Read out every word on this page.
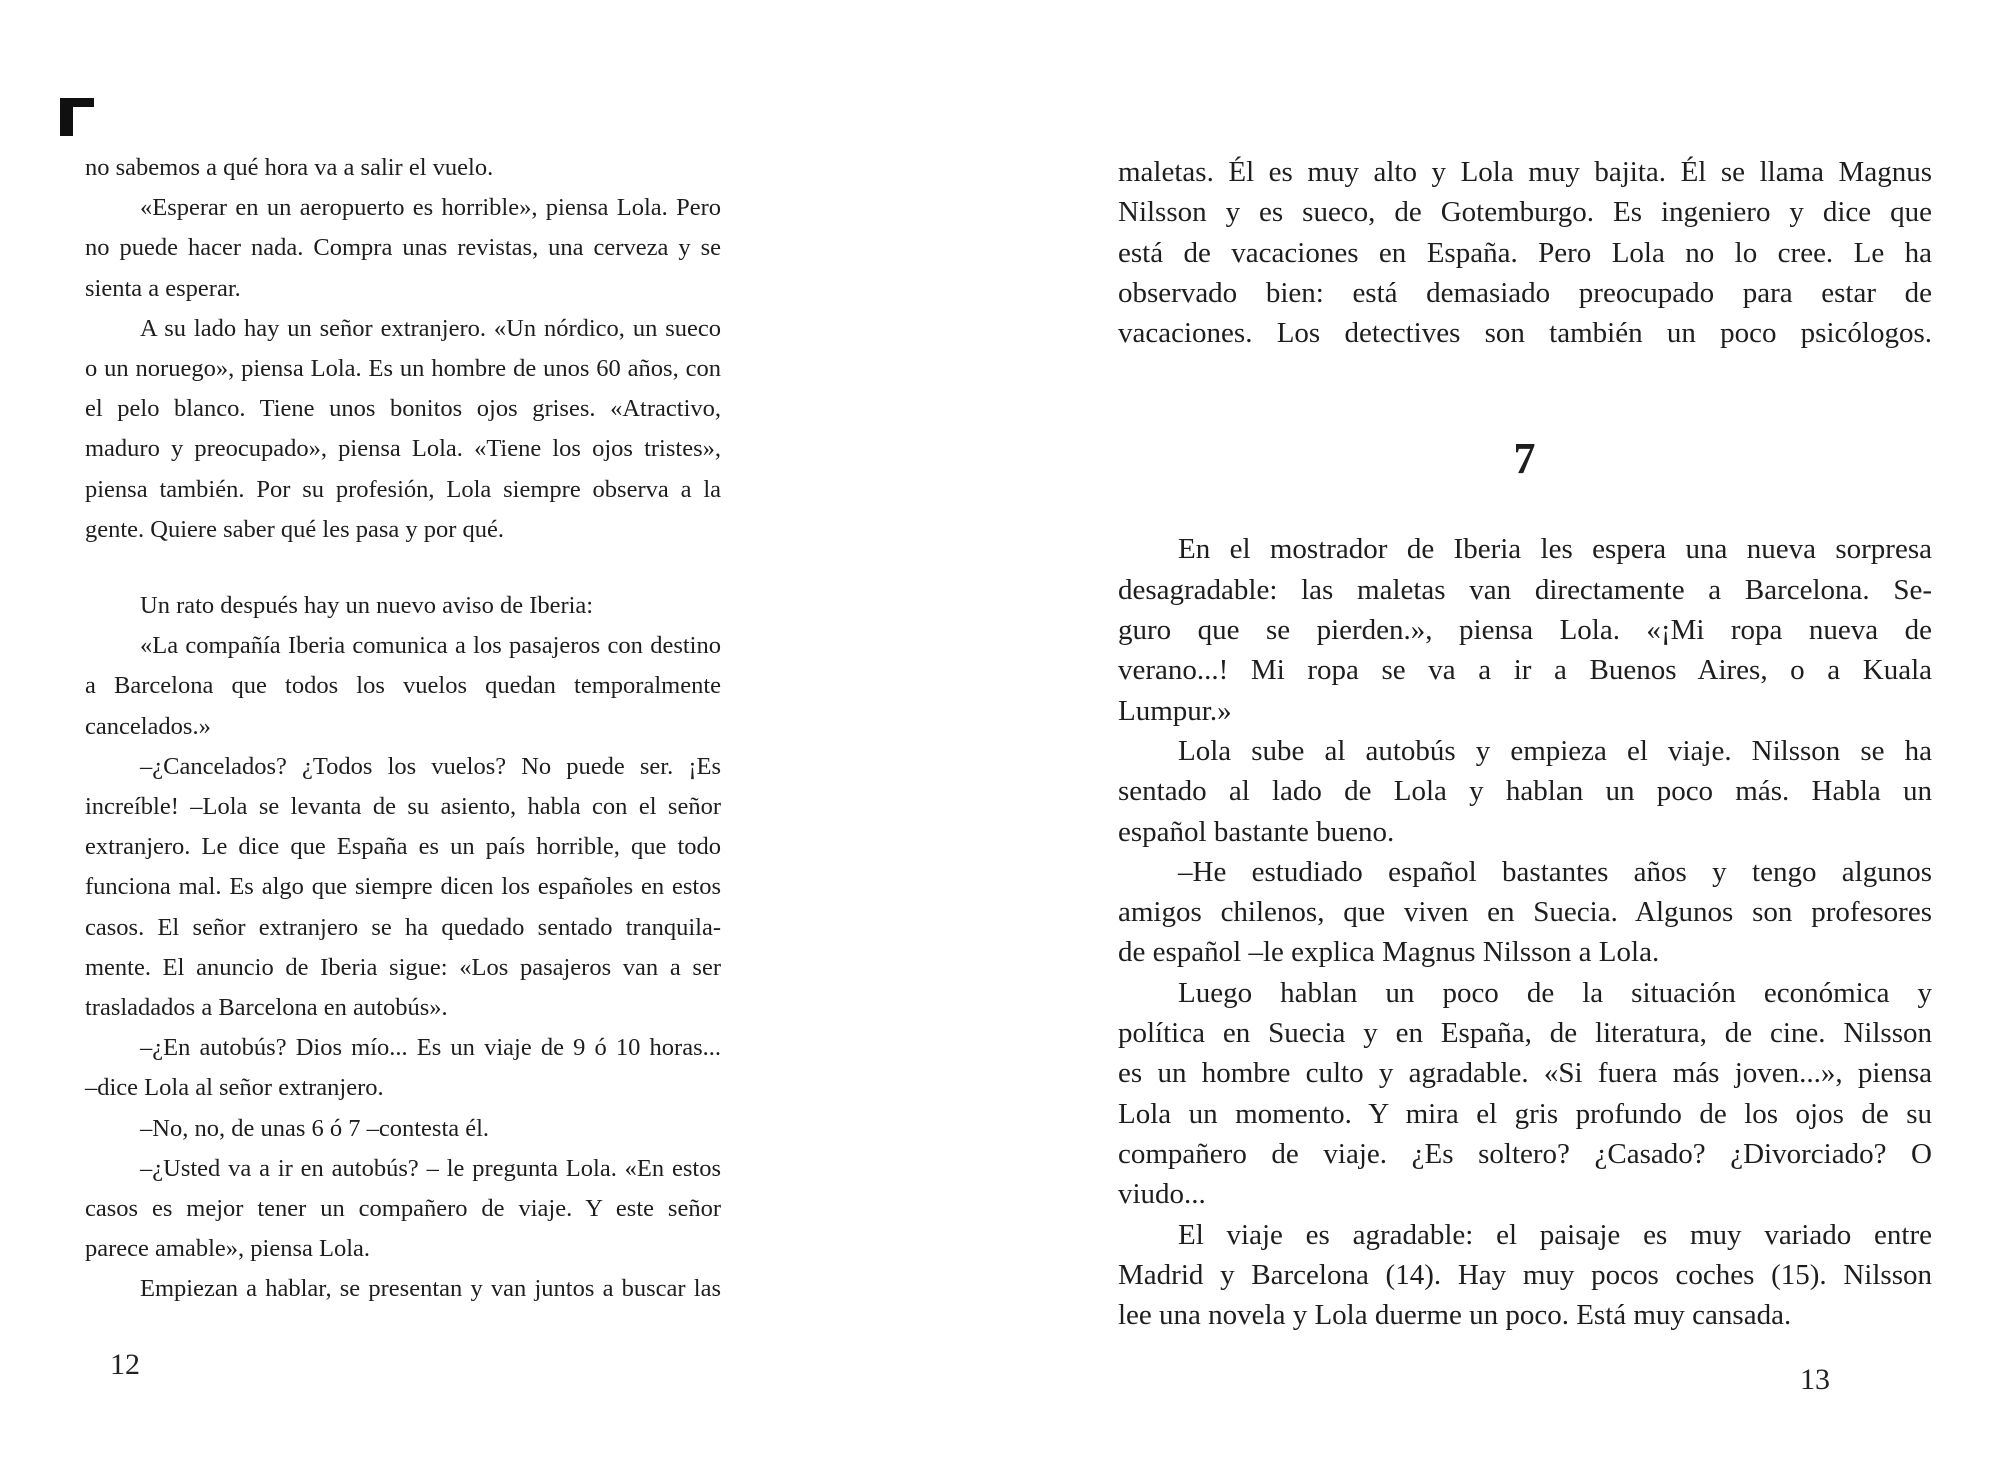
no sabemos a qué hora va a salir el vuelo.
«Esperar en un aeropuerto es horrible», piensa Lola. Pero
no puede hacer nada. Compra unas revistas, una cerveza y se
sienta a esperar.
A su lado hay un señor extranjero. «Un nórdico, un sueco
o un noruego», piensa Lola. Es un hombre de unos 60 años, con
el pelo blanco. Tiene unos bonitos ojos grises. «Atractivo,
maduro y preocupado», piensa Lola. «Tiene los ojos tristes»,
piensa también. Por su profesión, Lola siempre observa a la
gente. Quiere saber qué les pasa y por qué.
Un rato después hay un nuevo aviso de Iberia:
«La compañía Iberia comunica a los pasajeros con destino
a Barcelona que todos los vuelos quedan temporalmente
cancelados.»
–¿Cancelados? ¿Todos los vuelos? No puede ser. ¡Es
increíble! –Lola se levanta de su asiento, habla con el señor
extranjero. Le dice que España es un país horrible, que todo
funciona mal. Es algo que siempre dicen los españoles en estos
casos. El señor extranjero se ha quedado sentado tranquila-
mente. El anuncio de Iberia sigue: «Los pasajeros van a ser
trasladados a Barcelona en autobús».
–¿En autobús? Dios mío... Es un viaje de 9 ó 10 horas...
–dice Lola al señor extranjero.
–No, no, de unas 6 ó 7 –contesta él.
–¿Usted va a ir en autobús? – le pregunta Lola. «En estos
casos es mejor tener un compañero de viaje. Y este señor
parece amable», piensa Lola.
Empiezan a hablar, se presentan y van juntos a buscar las
maletas. Él es muy alto y Lola muy bajita. Él se llama Magnus
Nilsson y es sueco, de Gotemburgo. Es ingeniero y dice que
está de vacaciones en España. Pero Lola no lo cree. Le ha
observado bien: está demasiado preocupado para estar de
vacaciones. Los detectives son también un poco psicólogos.
7
En el mostrador de Iberia les espera una nueva sorpresa
desagradable: las maletas van directamente a Barcelona. Se-
guro que se pierden.», piensa Lola. «¡Mi ropa nueva de
verano...! Mi ropa se va a ir a Buenos Aires, o a Kuala
Lumpur.»
Lola sube al autobús y empieza el viaje. Nilsson se ha
sentado al lado de Lola y hablan un poco más. Habla un
español bastante bueno.
–He estudiado español bastantes años y tengo algunos
amigos chilenos, que viven en Suecia. Algunos son profesores
de español –le explica Magnus Nilsson a Lola.
Luego hablan un poco de la situación económica y
política en Suecia y en España, de literatura, de cine. Nilsson
es un hombre culto y agradable. «Si fuera más joven...», piensa
Lola un momento. Y mira el gris profundo de los ojos de su
compañero de viaje. ¿Es soltero? ¿Casado? ¿Divorciado? O
viudo...
El viaje es agradable: el paisaje es muy variado entre
Madrid y Barcelona (14). Hay muy pocos coches (15). Nilsson
lee una novela y Lola duerme un poco. Está muy cansada.
12	13
